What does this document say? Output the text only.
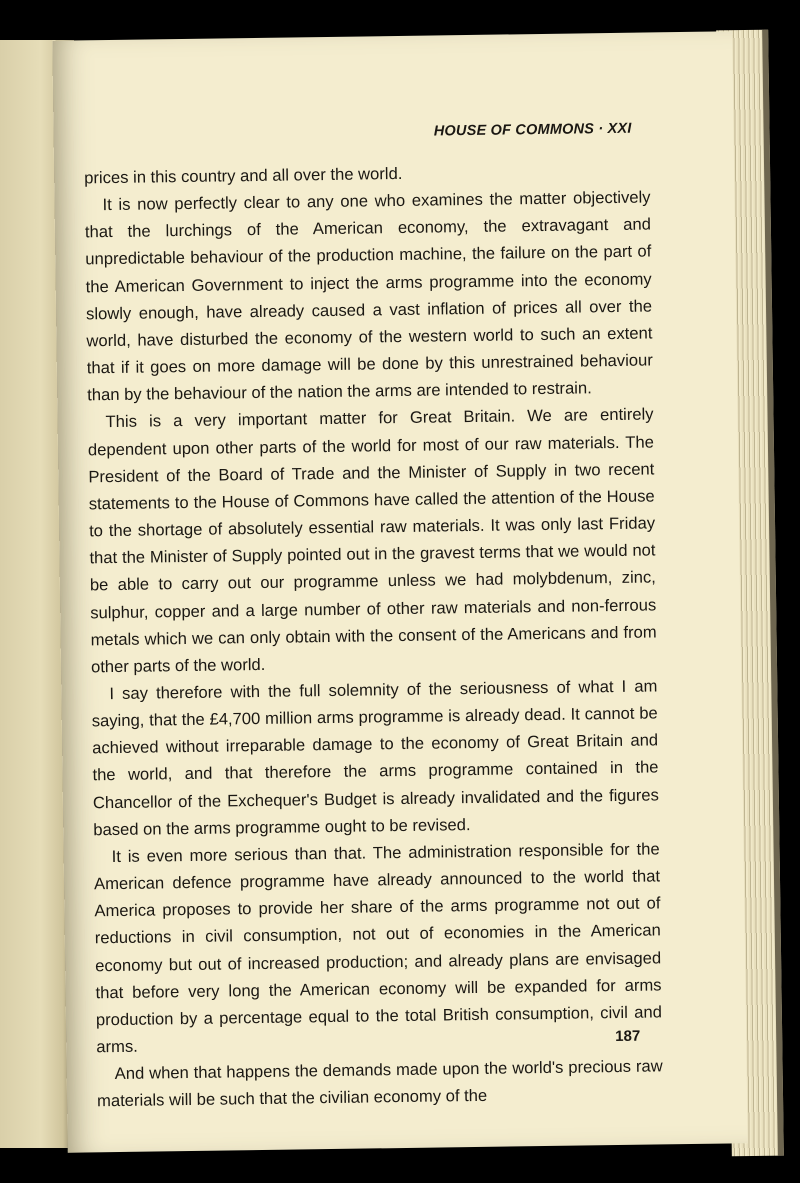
HOUSE OF COMMONS · XXI

prices in this country and all over the world.

It is now perfectly clear to any one who examines the matter objectively that the lurchings of the American economy, the extravagant and unpredictable behaviour of the production machine, the failure on the part of the American Government to inject the arms programme into the economy slowly enough, have already caused a vast inflation of prices all over the world, have disturbed the economy of the western world to such an extent that if it goes on more damage will be done by this unrestrained behaviour than by the behaviour of the nation the arms are intended to restrain.

This is a very important matter for Great Britain. We are entirely dependent upon other parts of the world for most of our raw materials. The President of the Board of Trade and the Minister of Supply in two recent statements to the House of Commons have called the attention of the House to the shortage of absolutely essential raw materials. It was only last Friday that the Minister of Supply pointed out in the gravest terms that we would not be able to carry out our programme unless we had molybdenum, zinc, sulphur, copper and a large number of other raw materials and non-ferrous metals which we can only obtain with the consent of the Americans and from other parts of the world.

I say therefore with the full solemnity of the seriousness of what I am saying, that the £4,700 million arms programme is already dead. It cannot be achieved without irreparable damage to the economy of Great Britain and the world, and that therefore the arms programme contained in the Chancellor of the Exchequer's Budget is already invalidated and the figures based on the arms programme ought to be revised.

It is even more serious than that. The administration responsible for the American defence programme have already announced to the world that America proposes to provide her share of the arms programme not out of reductions in civil consumption, not out of economies in the American economy but out of increased production; and already plans are envisaged that before very long the American economy will be expanded for arms production by a percentage equal to the total British consumption, civil and arms.

And when that happens the demands made upon the world's precious raw materials will be such that the civilian economy of the

187
